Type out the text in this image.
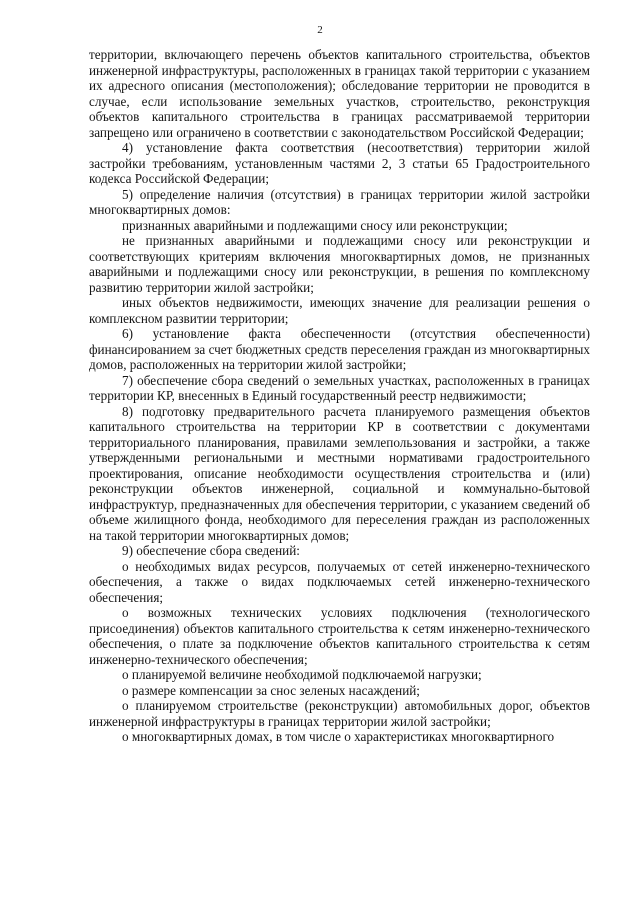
2

территории, включающего перечень объектов капитального строительства, объектов инженерной инфраструктуры, расположенных в границах такой территории с указанием их адресного описания (местоположения); обследование территории не проводится в случае, если использование земельных участков, строительство, реконструкция объектов капитального строительства в границах рассматриваемой территории запрещено или ограничено в соответствии с законодательством Российской Федерации;

4) установление факта соответствия (несоответствия) территории жилой застройки требованиям, установленным частями 2, 3 статьи 65 Градостроительного кодекса Российской Федерации;

5) определение наличия (отсутствия) в границах территории жилой застройки многоквартирных домов:

признанных аварийными и подлежащими сносу или реконструкции;

не признанных аварийными и подлежащими сносу или реконструкции и соответствующих критериям включения многоквартирных домов, не признанных аварийными и подлежащими сносу или реконструкции, в решения по комплексному развитию территории жилой застройки;

иных объектов недвижимости, имеющих значение для реализации решения о комплексном развитии территории;

6) установление факта обеспеченности (отсутствия обеспеченности) финансированием за счет бюджетных средств переселения граждан из многоквартирных домов, расположенных на территории жилой застройки;

7) обеспечение сбора сведений о земельных участках, расположенных в границах территории КР, внесенных в Единый государственный реестр недвижимости;

8) подготовку предварительного расчета планируемого размещения объектов капитального строительства на территории КР в соответствии с документами территориального планирования, правилами землепользования и застройки, а также утвержденными региональными и местными нормативами градостроительного проектирования, описание необходимости осуществления строительства и (или) реконструкции объектов инженерной, социальной и коммунально-бытовой инфраструктур, предназначенных для обеспечения территории, с указанием сведений об объеме жилищного фонда, необходимого для переселения граждан из расположенных на такой территории многоквартирных домов;

9) обеспечение сбора сведений:

о необходимых видах ресурсов, получаемых от сетей инженерно-технического обеспечения, а также о видах подключаемых сетей инженерно-технического обеспечения;

о возможных технических условиях подключения (технологического присоединения) объектов капитального строительства к сетям инженерно-технического обеспечения, о плате за подключение объектов капитального строительства к сетям инженерно-технического обеспечения;

о планируемой величине необходимой подключаемой нагрузки;

о размере компенсации за снос зеленых насаждений;

о планируемом строительстве (реконструкции) автомобильных дорог, объектов инженерной инфраструктуры в границах территории жилой застройки;

о многоквартирных домах, в том числе о характеристиках многоквартирного
